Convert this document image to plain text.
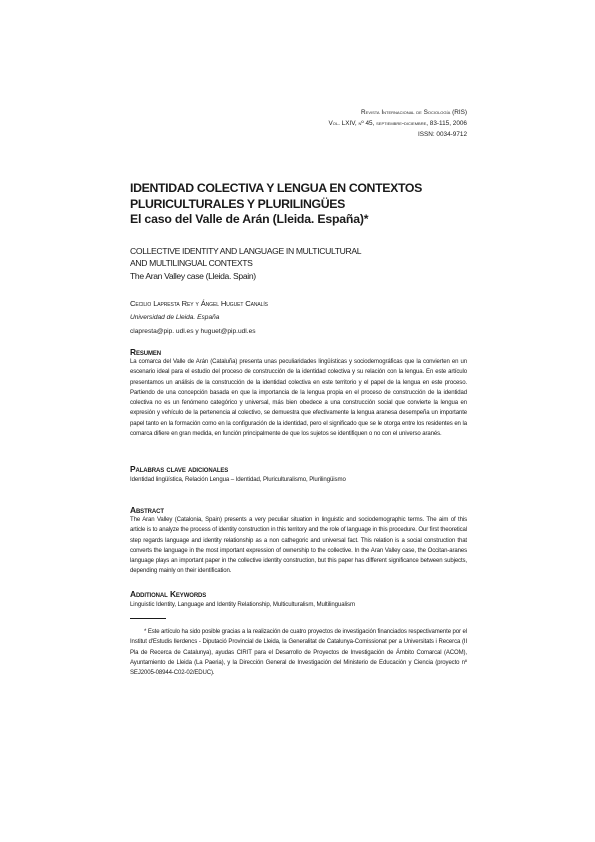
Revista Internacional de Sociología (RIS)
Vol. LXIV, nº 45, septiembre-diciembre, 83-115, 2006
ISSN: 0034-9712
IDENTIDAD COLECTIVA Y LENGUA EN CONTEXTOS
PLURICULTURALES Y PLURILINGÜES
El caso del Valle de Arán (Lleida. España)*
COLLECTIVE IDENTITY AND LANGUAGE IN MULTICULTURAL
AND MULTILINGUAL CONTEXTS
The Aran Valley case (Lleida. Spain)
Cecilio Lapresta Rey y Ángel Huguet Canalís
Universidad de Lleida. España
clapresta@pip. udl.es y huguet@pip.udl.es
Resumen
La comarca del Valle de Arán (Cataluña) presenta unas peculiaridades lingüísticas y sociodemográficas que la convierten en un escenario ideal para el estudio del proceso de construcción de la identidad colectiva y su relación con la lengua. En este artículo presentamos un análisis de la construcción de la identidad colectiva en este territorio y el papel de la lengua en este proceso. Partiendo de una concepción basada en que la importancia de la lengua propia en el proceso de construcción de la identidad colectiva no es un fenómeno categórico y universal, más bien obedece a una construcción social que convierte la lengua en expresión y vehículo de la pertenencia al colectivo, se demuestra que efectivamente la lengua aranesa desempeña un importante papel tanto en la formación como en la configuración de la identidad, pero el significado que se le otorga entre los residentes en la comarca difiere en gran medida, en función principalmente de que los sujetos se identifiquen o no con el universo aranés.
Palabras clave adicionales
Identidad lingüística, Relación Lengua – Identidad, Pluriculturalismo, Plurilingüismo
Abstract
The Aran Valley (Catalonia, Spain) presents a very peculiar situation in linguistic and sociodemographic terms. The aim of this article is to analyze the process of identity construction in this territory and the role of language in this procedure. Our first theoretical step regards language and identity relationship as a non cathegoric and universal fact. This relation is a social construction that converts the language in the most important expression of ownership to the collective. In the Aran Valley case, the Occitan-aranes language plays an important paper in the collective identity construction, but this paper has different significance between subjects, depending mainly on their identification.
Additional Keywords
Linguistic Identity, Language and Identity Relationship, Multiculturalism, Multilingualism
* Este artículo ha sido posible gracias a la realización de cuatro proyectos de investigación financiados respectivamente por el Institut d'Estudis Ilerdencs - Diputació Provincial de Lleida, la Generalitat de Catalunya-Comissionat per a Universitats i Recerca (II Pla de Recerca de Catalunya), ayudas CIRIT para el Desarrollo de Proyectos de Investigación de Ámbito Comarcal (ACOM), Ayuntamiento de Lleida (La Paeria), y la Dirección General de Investigación del Ministerio de Educación y Ciencia (proyecto nº SEJ2005-08944-C02-02/EDUC).
